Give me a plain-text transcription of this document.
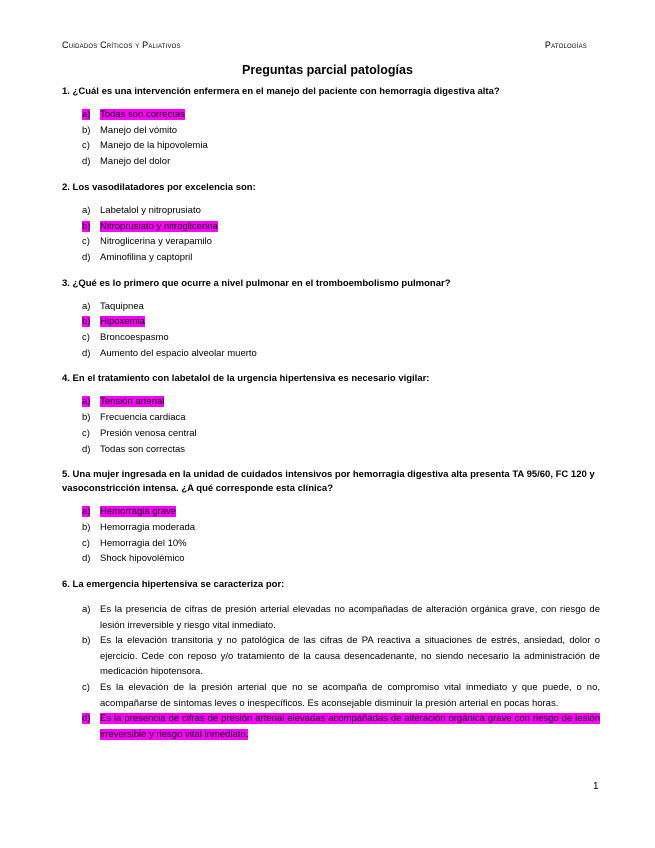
Cuidados Críticos y Paliativos	Patologías
Preguntas parcial patologías

1. ¿Cuál es una intervención enfermera en el manejo del paciente con hemorragia digestiva alta?

a)	Todas son correctas
b)	Manejo del vómito
c)	Manejo de la hipovolemia
d)	Manejo del dolor

2. Los vasodilatadores por excelencia son:

a)	Labetalol y nitroprusiato
b)	Nitroprusiato y nitroglicerina
c)	Nitroglicerina y verapamilo
d)	Aminofilina y captopril

3. ¿Qué es lo primero que ocurre a nivel pulmonar en el tromboembolismo pulmonar?

a)	Taquipnea
b)	Hipoxemia
c)	Broncoespasmo
d)	Aumento del espacio alveolar muerto

4. En el tratamiento con labetalol de la urgencia hipertensiva es necesario vigilar:

a)	Tensión arterial
b)	Frecuencia cardiaca
c)	Presión venosa central
d)	Todas son correctas

5. Una mujer ingresada en la unidad de cuidados intensivos por hemorragia digestiva alta presenta TA 95/60, FC 120 y vasoconstricción intensa. ¿A qué corresponde esta clínica?

a)	Hemorragia grave
b)	Hemorragia moderada
c)	Hemorragia del 10%
d)	Shock hipovolémico

6. La emergencia hipertensiva se caracteriza por:

a)	Es la presencia de cifras de presión arterial elevadas no acompañadas de alteración orgánica grave, con riesgo de lesión irreversible y riesgo vital inmediato.
b)	Es la elevación transitoria y no patológica de las cifras de PA reactiva a situaciones de estrés, ansiedad, dolor o ejercicio. Cede con reposo y/o tratamiento de la causa desencadenante, no siendo necesario la administración de medicación hipotensora.
c)	Es la elevación de la presión arterial que no se acompaña de compromiso vital inmediato y que puede, o no, acompañarse de síntomas leves o inespecíficos. Es aconsejable disminuir la presión arterial en pocas horas.
d)	Es la presencia de cifras de presión arterial elevadas acompañadas de alteración orgánica grave con riesgo de lesión irreversible y riesgo vital inmediato.
1
